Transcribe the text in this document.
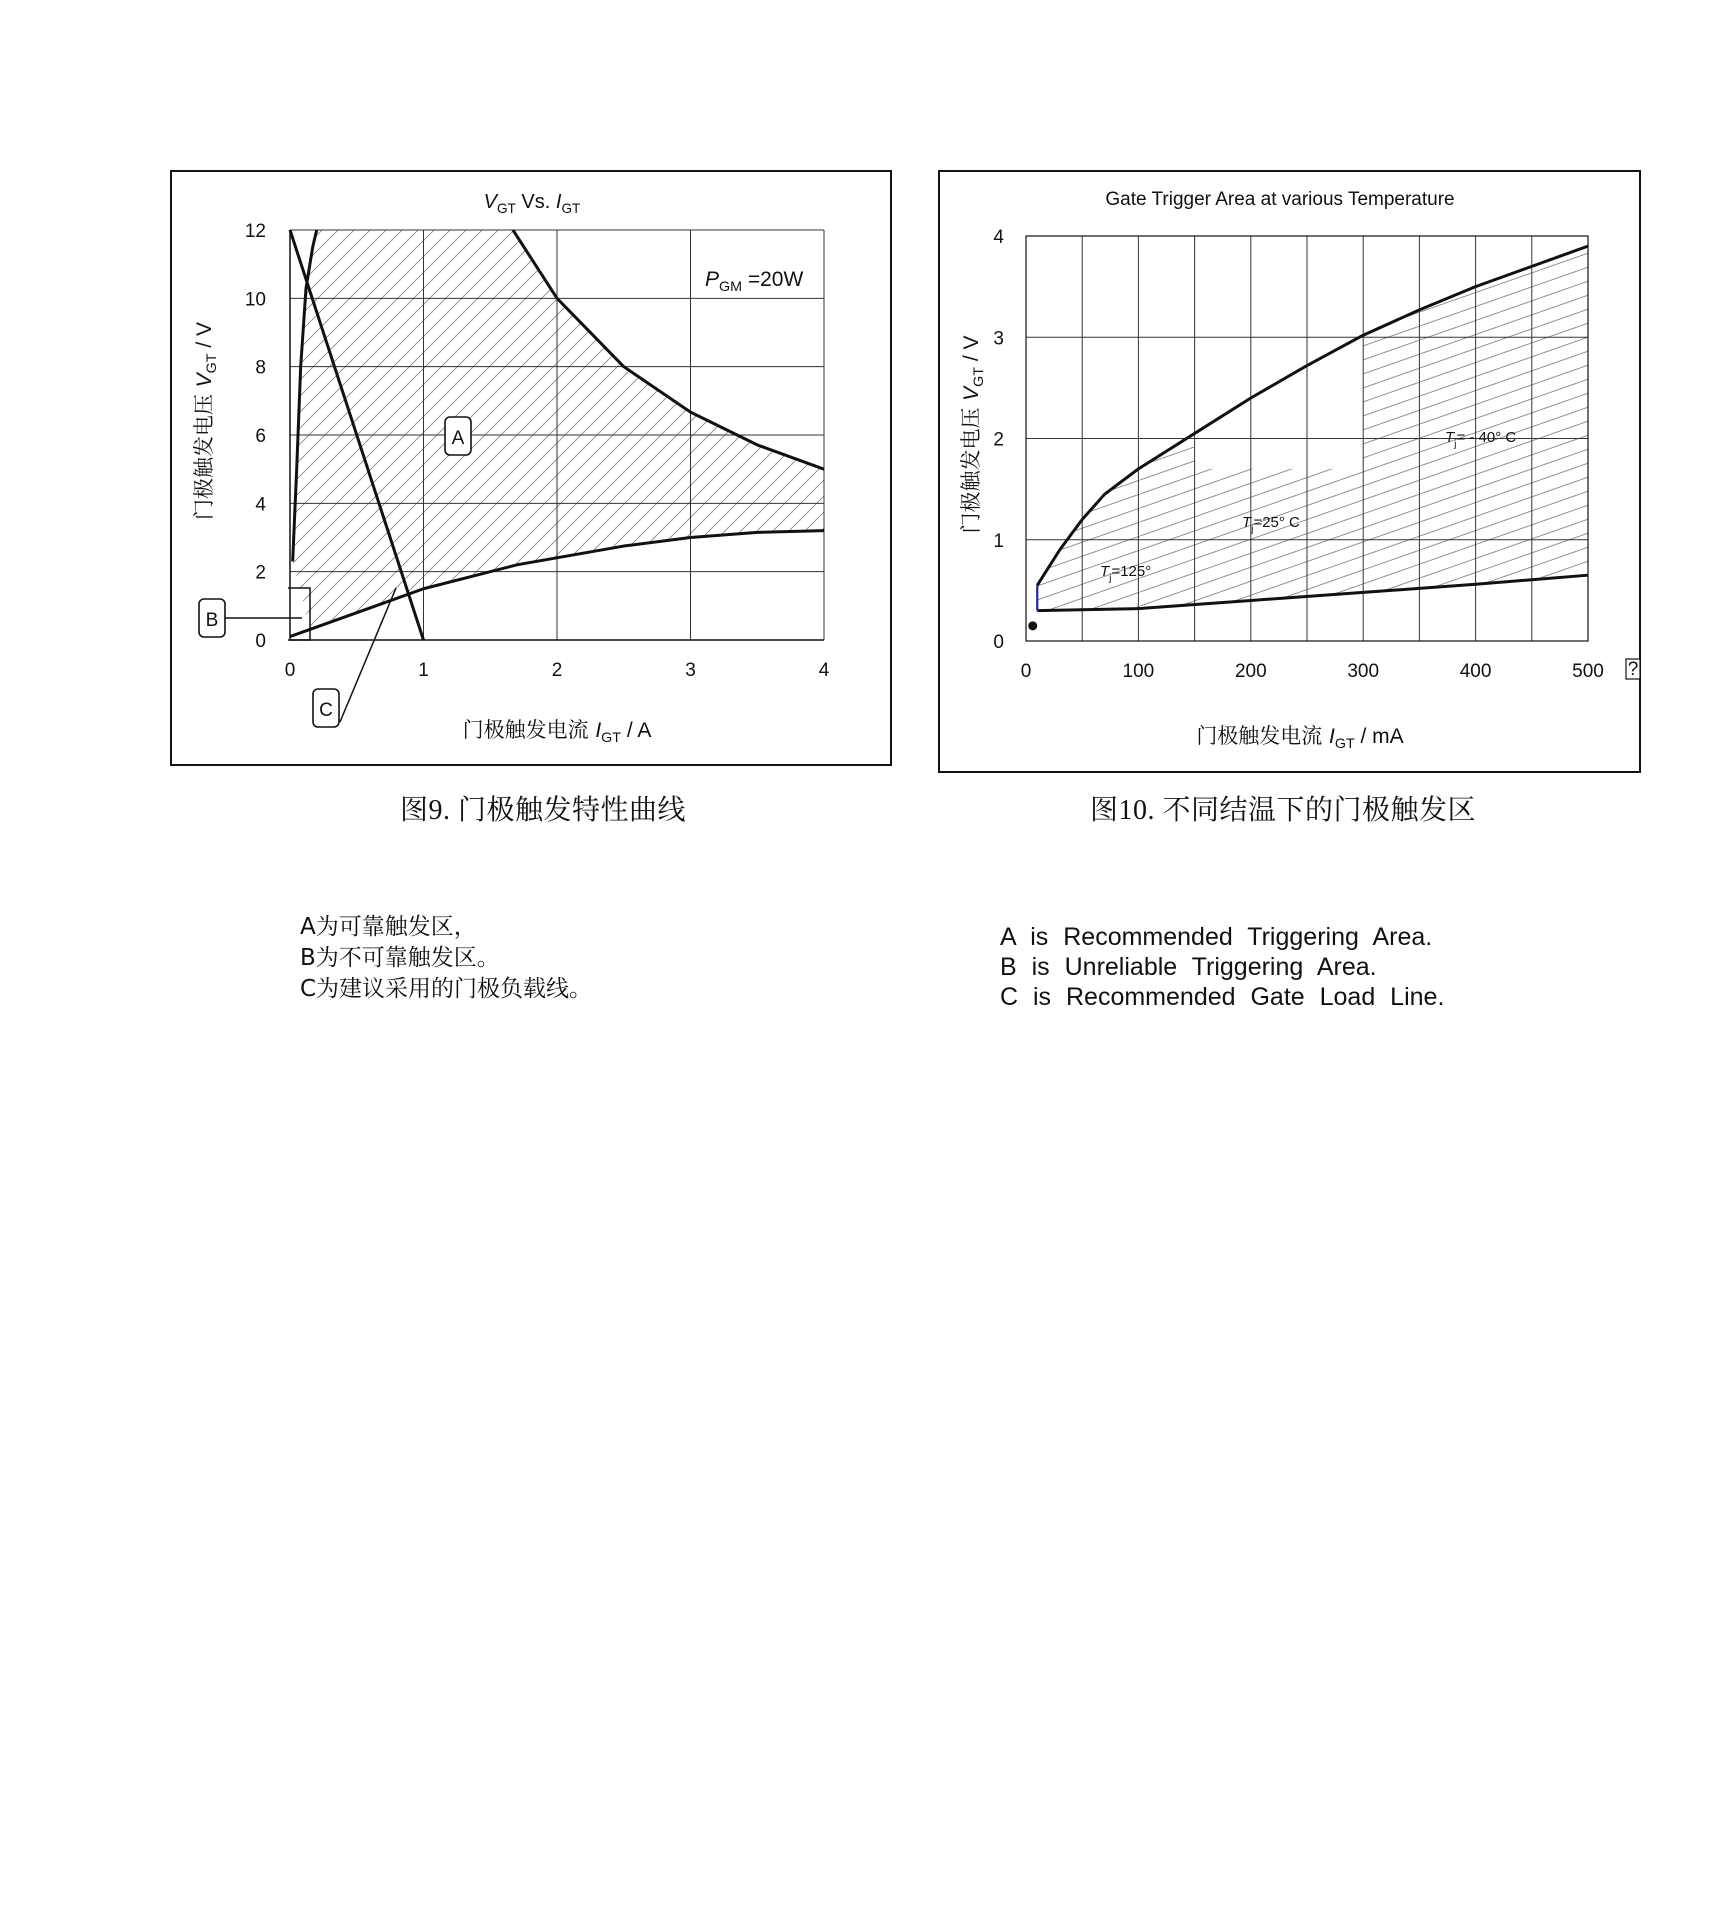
0	1	2	3	4
0
2
4
6
8
10
12
$V_{GT}$ Vs. $I_{GT}$
$P_{GM} =20W$
门极触发电压 $V_{GT}$ / V
门极触发电流 $I_{GT}$ / A
A
B
C
0	100	200	300	400	500
0
1
2
3
4
?
Gate Trigger Area at various Temperature
$T_j=125^\circ$
$T_j=25^\circ$ C
$T_j= - 40^\circ$ C
门极触发电压 $V_{GT}$ / V
门极触发电流 $I_{GT}$ / mA
图9. 门极触发特性曲线	图10. 不同结温下的门极触发区
A为可靠触发区，
B为不可靠触发区。
C为建议采用的门极负载线。
A is Recommended Triggering Area.
B is Unreliable Triggering Area.
C is Recommended Gate Load Line.
